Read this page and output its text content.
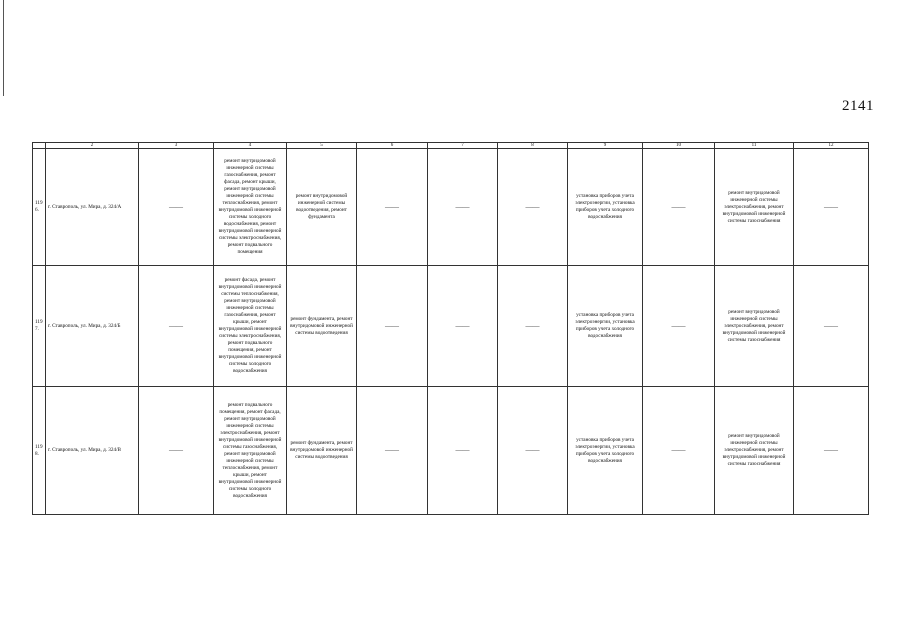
2141
	2	3	4	5	6	7	8	9	10	11	12
1196.	г. Ставрополь, ул. Мира, д. 324/А	——	ремонт внутридомовой инженерной системы газоснабжения, ремонт фасада, ремонт крыши, ремонт внутридомовой инженерной системы теплоснабжения, ремонт внутридомовой инженерной системы холодного водоснабжения, ремонт внутридомовой инженерной системы электроснабжения, ремонт подвального помещения	ремонт внутридомовой инженерной системы водоотведения, ремонт фундамента	——	——	——	установка приборов учета электроэнергии, установка приборов учета холодного водоснабжения	——	ремонт внутридомовой инженерной системы электроснабжения, ремонт внутридомовой инженерной системы газоснабжения	——

1197.	г. Ставрополь, ул. Мира, д. 324/Б	——	ремонт фасада, ремонт внутридомовой инженерной системы теплоснабжения, ремонт внутридомовой инженерной системы газоснабжения, ремонт крыши, ремонт внутридомовой инженерной системы электроснабжения, ремонт подвального помещения, ремонт внутридомовой инженерной системы холодного водоснабжения	ремонт фундамента, ремонт внутридомовой инженерной системы водоотведения	——	——	——	установка приборов учета электроэнергии, установка приборов учета холодного водоснабжения	——	ремонт внутридомовой инженерной системы электроснабжения, ремонт внутридомовой инженерной системы газоснабжения	——

1198.	г. Ставрополь, ул. Мира, д. 324/В	——	ремонт подвального помещения, ремонт фасада, ремонт внутридомовой инженерной системы электроснабжения, ремонт внутридомовой инженерной системы газоснабжения, ремонт внутридомовой инженерной системы теплоснабжения, ремонт крыши, ремонт внутридомовой инженерной системы холодного водоснабжения	ремонт фундамента, ремонт внутридомовой инженерной системы водоотведения	——	——	——	установка приборов учета электроэнергии, установка приборов учета холодного водоснабжения	——	ремонт внутридомовой инженерной системы электроснабжения, ремонт внутридомовой инженерной системы газоснабжения	——
